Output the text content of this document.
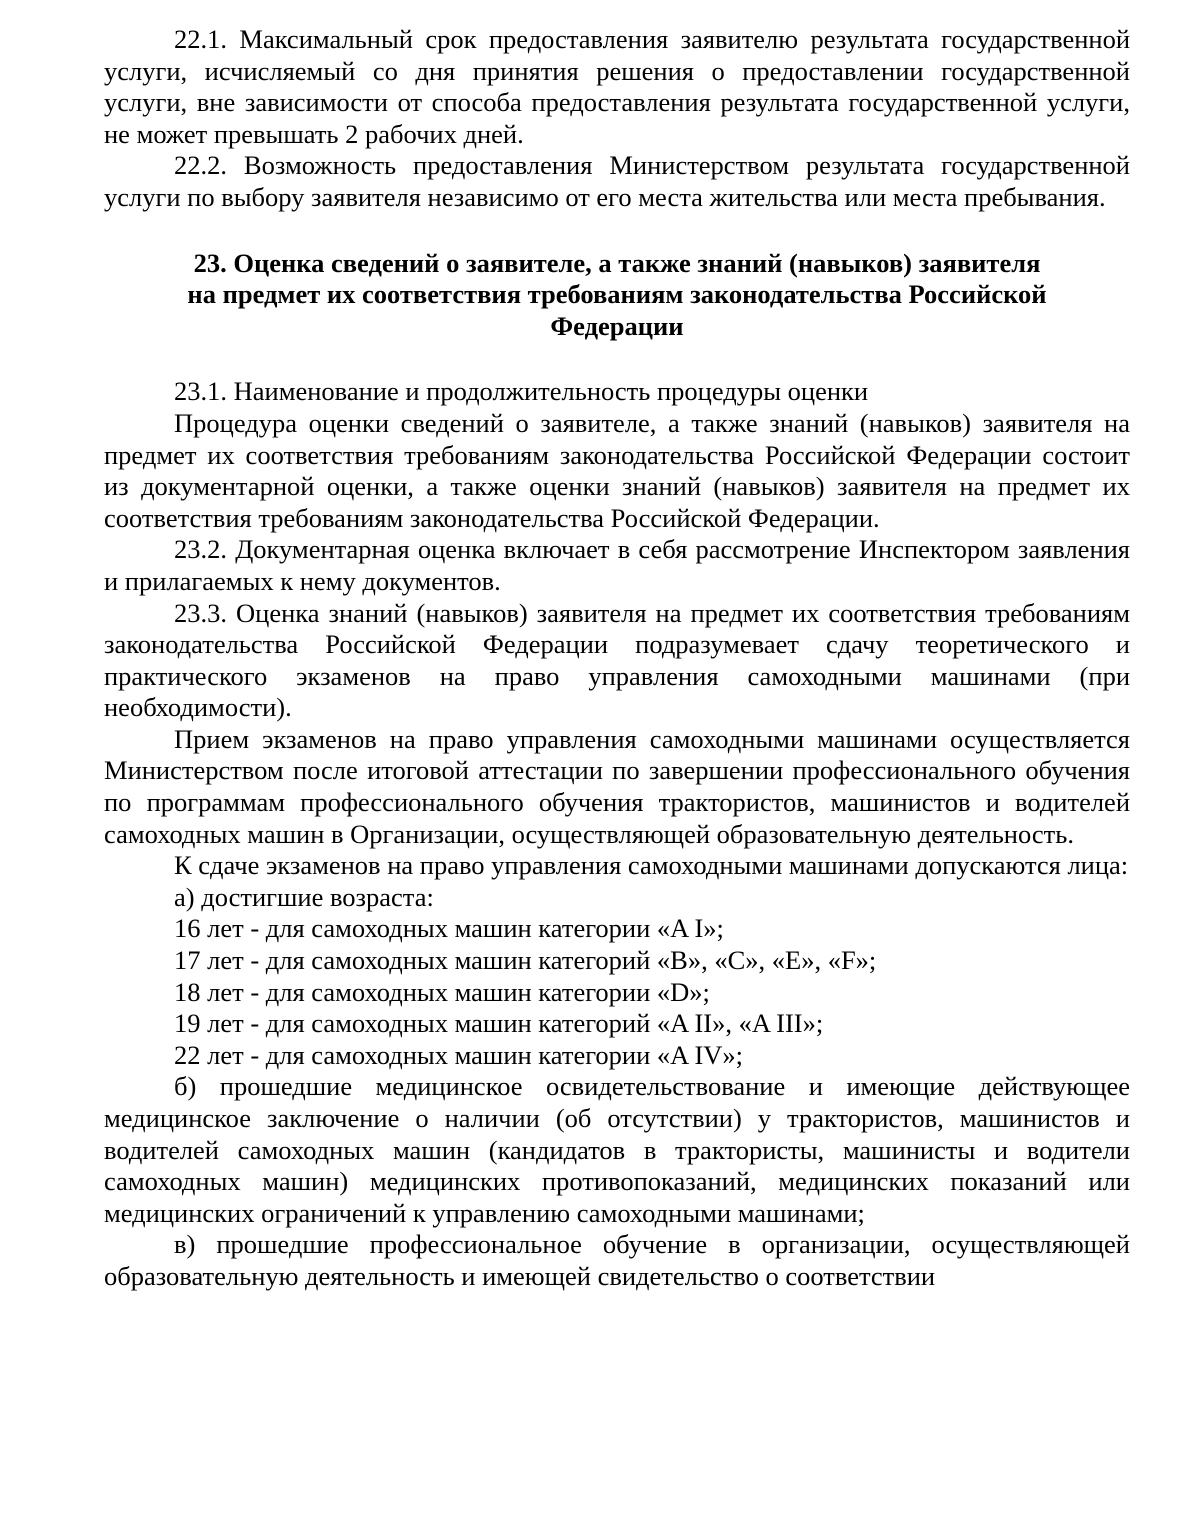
22.1. Максимальный срок предоставления заявителю результата государственной услуги, исчисляемый со дня принятия решения о предоставлении государственной услуги, вне зависимости от способа предоставления результата государственной услуги, не может превышать 2 рабочих дней.

22.2. Возможность предоставления Министерством результата государственной услуги по выбору заявителя независимо от его места жительства или места пребывания.

23. Оценка сведений о заявителе, а также знаний (навыков) заявителя
на предмет их соответствия требованиям законодательства Российской
Федерации

23.1. Наименование и продолжительность процедуры оценки

Процедура оценки сведений о заявителе, а также знаний (навыков) заявителя на предмет их соответствия требованиям законодательства Российской Федерации состоит из документарной оценки, а также оценки знаний (навыков) заявителя на предмет их соответствия требованиям законодательства Российской Федерации.

23.2. Документарная оценка включает в себя рассмотрение Инспектором заявления и прилагаемых к нему документов.

23.3. Оценка знаний (навыков) заявителя на предмет их соответствия требованиям законодательства Российской Федерации подразумевает сдачу теоретического и практического экзаменов на право управления самоходными машинами (при необходимости).

Прием экзаменов на право управления самоходными машинами осуществляется Министерством после итоговой аттестации по завершении профессионального обучения по программам профессионального обучения трактористов, машинистов и водителей самоходных машин в Организации, осуществляющей образовательную деятельность.

К сдаче экзаменов на право управления самоходными машинами допускаются лица:

а) достигшие возраста:

16 лет - для самоходных машин категории «A I»;

17 лет - для самоходных машин категорий «B», «C», «E», «F»;

18 лет - для самоходных машин категории «D»;

19 лет - для самоходных машин категорий «A II», «A III»;

22 лет - для самоходных машин категории «A IV»;

б) прошедшие медицинское освидетельствование и имеющие действующее медицинское заключение о наличии (об отсутствии) у трактористов, машинистов и водителей самоходных машин (кандидатов в трактористы, машинисты и водители самоходных машин) медицинских противопоказаний, медицинских показаний или медицинских ограничений к управлению самоходными машинами;

в) прошедшие профессиональное обучение в организации, осуществляющей образовательную деятельность и имеющей свидетельство о соответствии
